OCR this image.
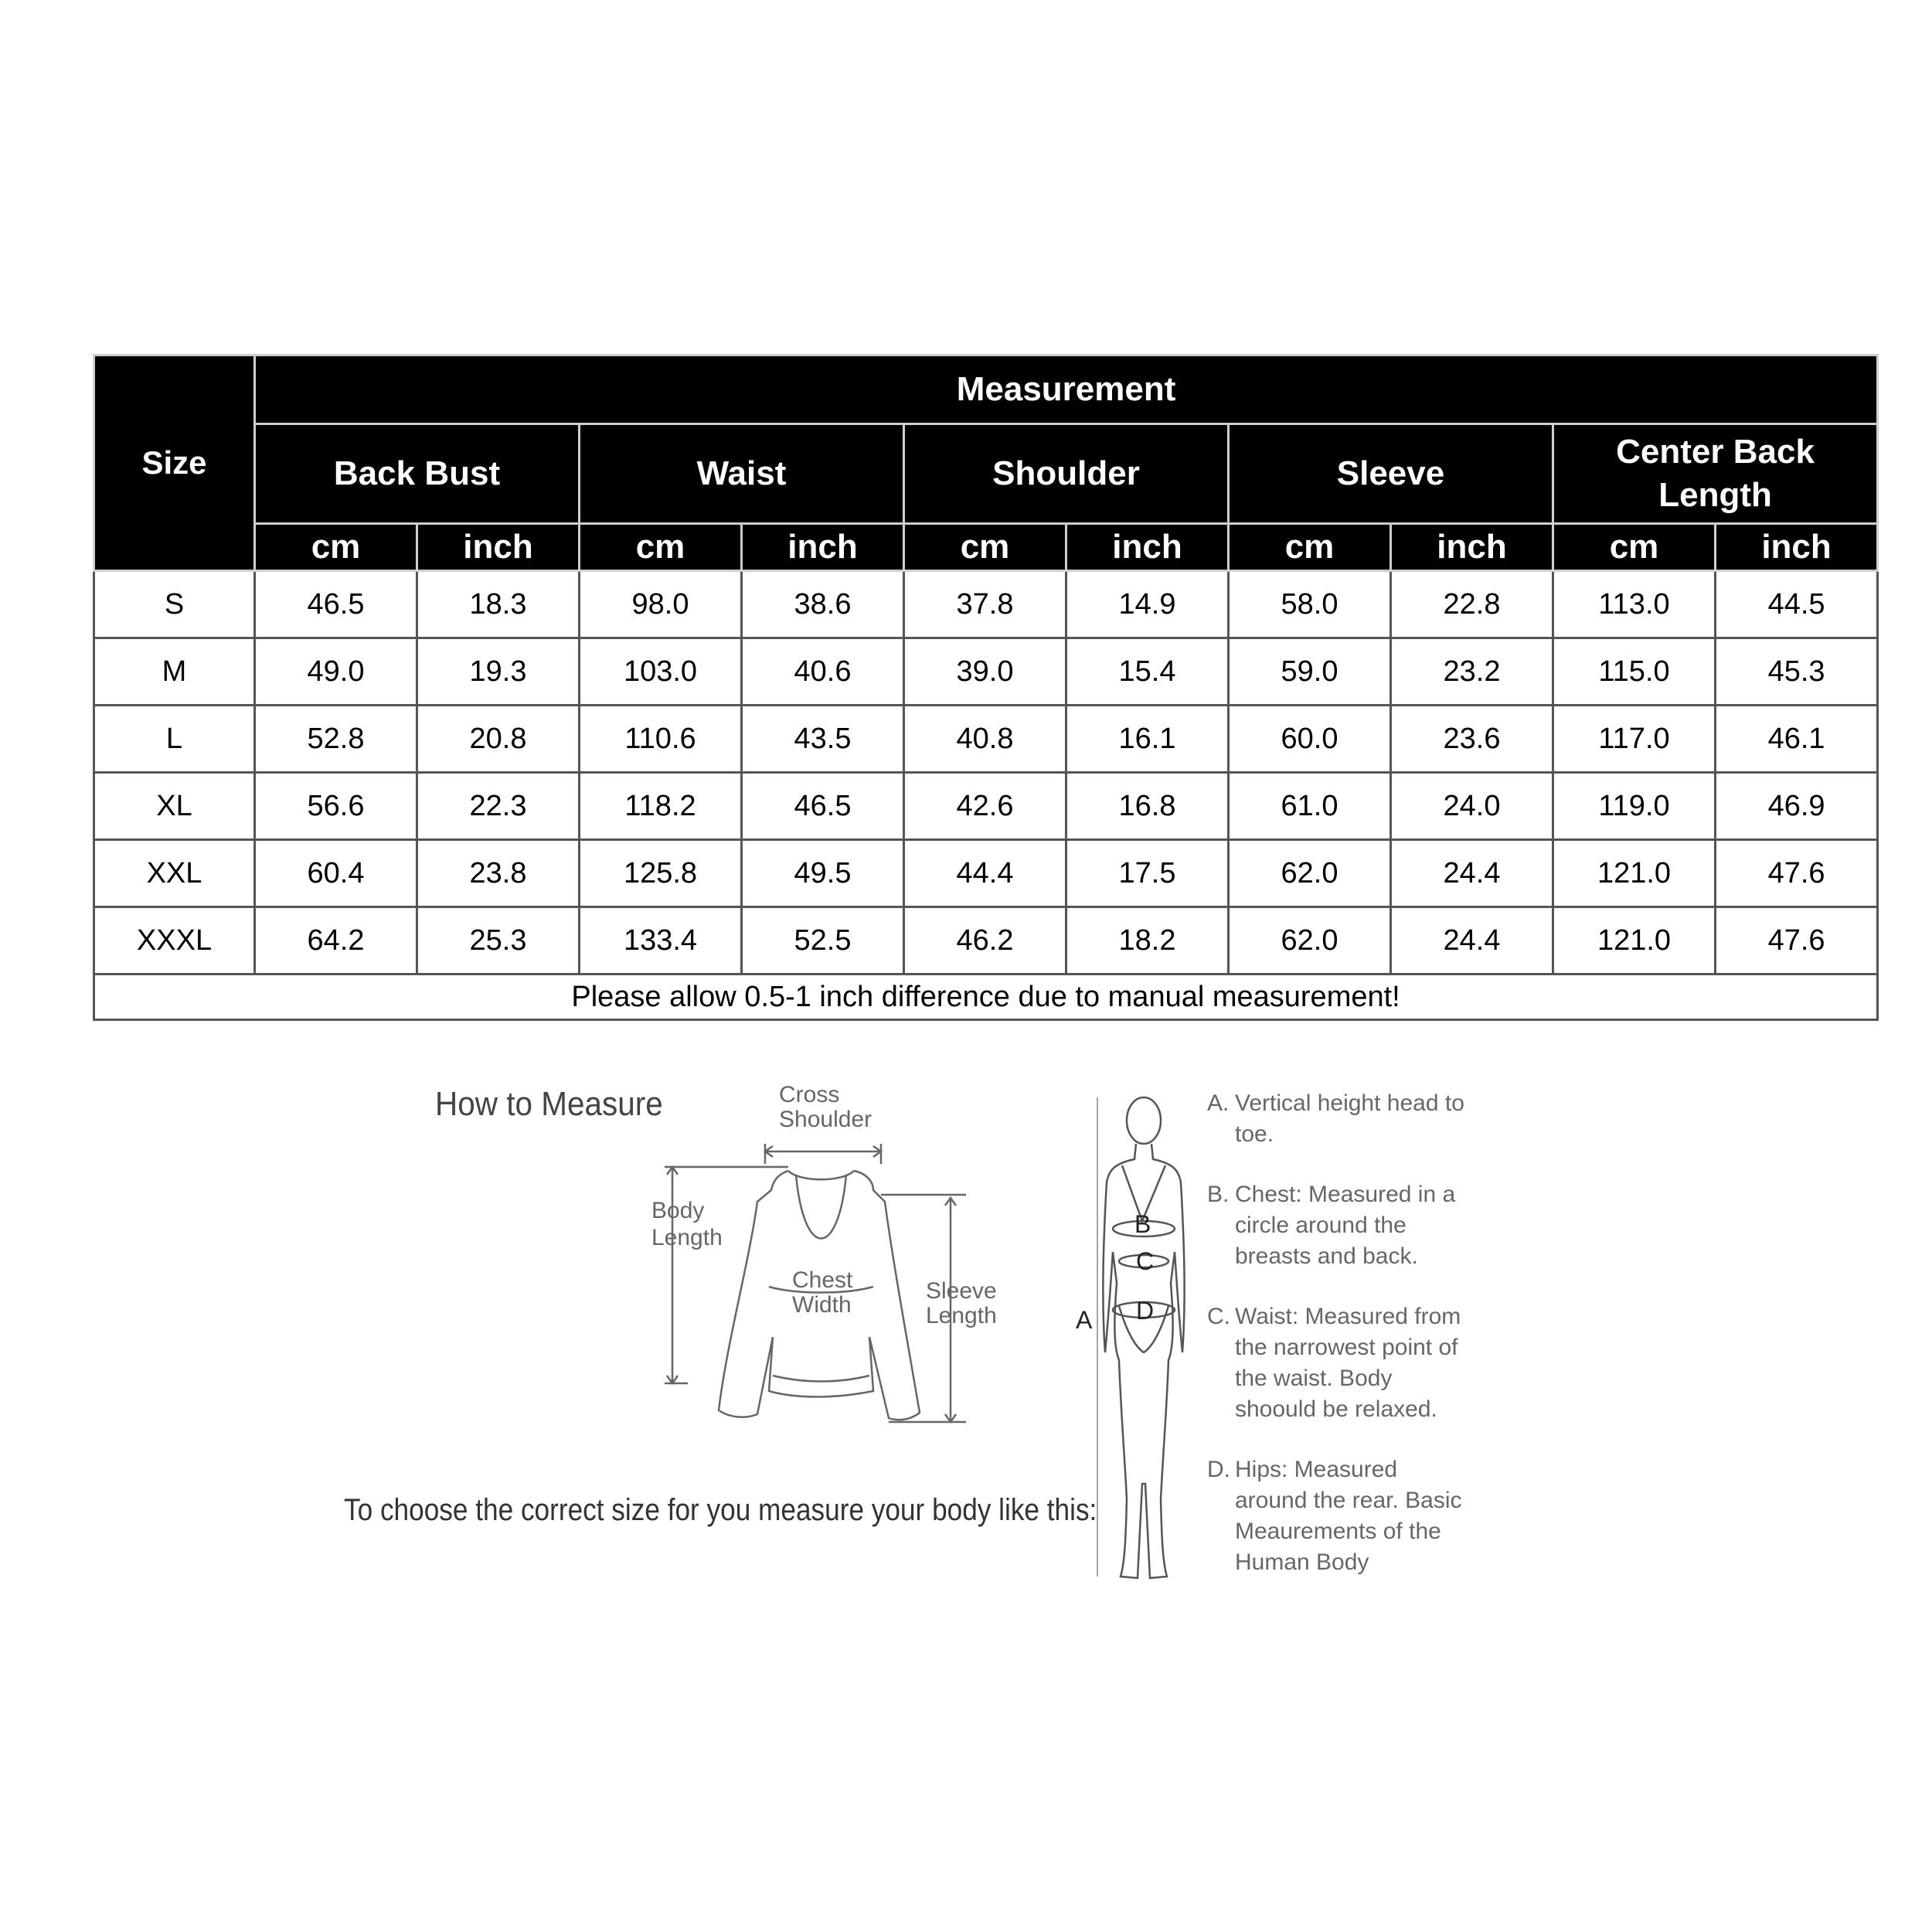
Size	Measurement									
	Back Bust		Waist		Shoulder		Sleeve		Center Back Length	
	cm	inch	cm	inch	cm	inch	cm	inch	cm	inch
S	46.5	18.3	98.0	38.6	37.8	14.9	58.0	22.8	113.0	44.5
M	49.0	19.3	103.0	40.6	39.0	15.4	59.0	23.2	115.0	45.3
L	52.8	20.8	110.6	43.5	40.8	16.1	60.0	23.6	117.0	46.1
XL	56.6	22.3	118.2	46.5	42.6	16.8	61.0	24.0	119.0	46.9
XXL	60.4	23.8	125.8	49.5	44.4	17.5	62.0	24.4	121.0	47.6
XXXL	64.2	25.3	133.4	52.5	46.2	18.2	62.0	24.4	121.0	47.6
Please allow 0.5-1 inch difference due to manual measurement!										
How to Measure	Cross
Shoulder
Body
Length
Chest
Width
Sleeve
Length
B
C
D
A
A. Vertical height head to toe.
B. Chest: Measured in a circle around the breasts and back.
C. Waist: Measured from the narrowest point of the waist. Body shoould be relaxed.
D. Hips: Measured around the rear. Basic Meaurements of the Human Body
To choose the correct size for you measure your body like this:
